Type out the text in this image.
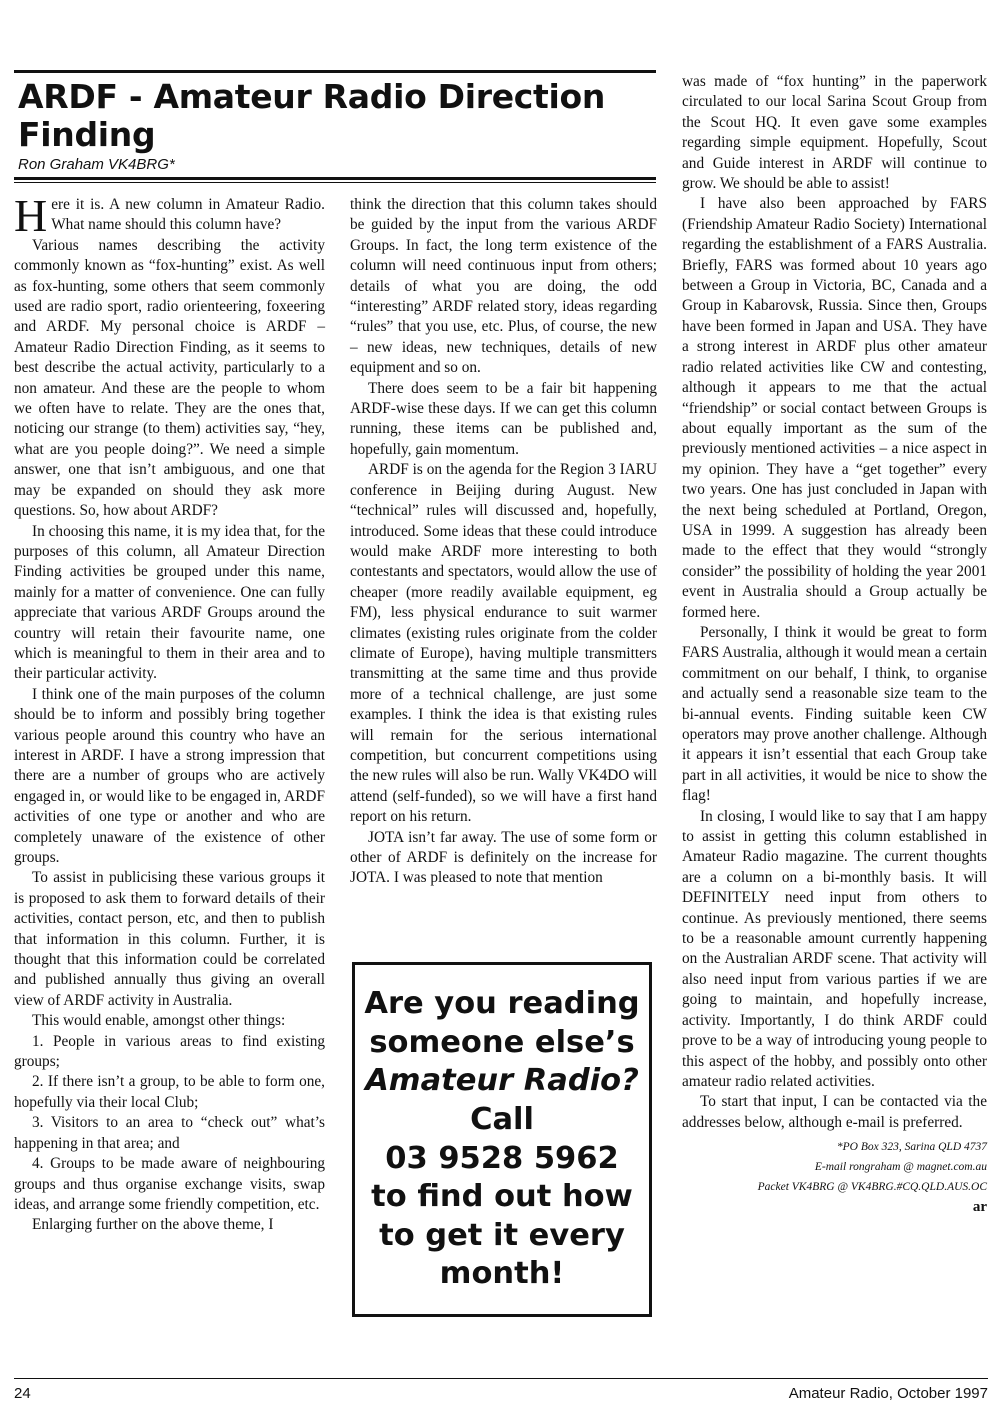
ARDF - Amateur Radio Direction Finding
Ron Graham VK4BRG*

Here it is. A new column in Amateur Radio. What name should this column have?

Various names describing the activity commonly known as “fox-hunting” exist. As well as fox-hunting, some others that seem commonly used are radio sport, radio orienteering, foxeering and ARDF. My personal choice is ARDF – Amateur Radio Direction Finding, as it seems to best describe the actual activity, particularly to a non amateur. And these are the people to whom we often have to relate. They are the ones that, noticing our strange (to them) activities say, “hey, what are you people doing?”. We need a simple answer, one that isn’t ambiguous, and one that may be expanded on should they ask more questions. So, how about ARDF?

In choosing this name, it is my idea that, for the purposes of this column, all Amateur Direction Finding activities be grouped under this name, mainly for a matter of convenience. One can fully appreciate that various ARDF Groups around the country will retain their favourite name, one which is meaningful to them in their area and to their particular activity.

I think one of the main purposes of the column should be to inform and possibly bring together various people around this country who have an interest in ARDF. I have a strong impression that there are a number of groups who are actively engaged in, or would like to be engaged in, ARDF activities of one type or another and who are completely unaware of the existence of other groups.

To assist in publicising these various groups it is proposed to ask them to forward details of their activities, contact person, etc, and then to publish that information in this column. Further, it is thought that this information could be correlated and published annually thus giving an overall view of ARDF activity in Australia.

This would enable, amongst other things:

1. People in various areas to find existing groups;

2. If there isn’t a group, to be able to form one, hopefully via their local Club;

3. Visitors to an area to “check out” what’s happening in that area; and

4. Groups to be made aware of neighbouring groups and thus organise exchange visits, swap ideas, and arrange some friendly competition, etc.

Enlarging further on the above theme, I

think the direction that this column takes should be guided by the input from the various ARDF Groups. In fact, the long term existence of the column will need continuous input from others; details of what you are doing, the odd “interesting” ARDF related story, ideas regarding “rules” that you use, etc. Plus, of course, the new – new ideas, new techniques, details of new equipment and so on.

There does seem to be a fair bit happening ARDF-wise these days. If we can get this column running, these items can be published and, hopefully, gain momentum.

ARDF is on the agenda for the Region 3 IARU conference in Beijing during August. New “technical” rules will discussed and, hopefully, introduced. Some ideas that these could introduce would make ARDF more interesting to both contestants and spectators, would allow the use of cheaper (more readily available equipment, eg FM), less physical endurance to suit warmer climates (existing rules originate from the colder climate of Europe), having multiple transmitters transmitting at the same time and thus provide more of a technical challenge, are just some examples. I think the idea is that existing rules will remain for the serious international competition, but concurrent competitions using the new rules will also be run. Wally VK4DO will attend (self-funded), so we will have a first hand report on his return.

JOTA isn’t far away. The use of some form or other of ARDF is definitely on the increase for JOTA. I was pleased to note that mention

Are you reading
someone else’s
Amateur Radio?
Call
03 9528 5962
to find out how
to get it every
month!

was made of “fox hunting” in the paperwork circulated to our local Sarina Scout Group from the Scout HQ. It even gave some examples regarding simple equipment. Hopefully, Scout and Guide interest in ARDF will continue to grow. We should be able to assist!

I have also been approached by FARS (Friendship Amateur Radio Society) International regarding the establishment of a FARS Australia. Briefly, FARS was formed about 10 years ago between a Group in Victoria, BC, Canada and a Group in Kabarovsk, Russia. Since then, Groups have been formed in Japan and USA. They have a strong interest in ARDF plus other amateur radio related activities like CW and contesting, although it appears to me that the actual “friendship” or social contact between Groups is about equally important as the sum of the previously mentioned activities – a nice aspect in my opinion. They have a “get together” every two years. One has just concluded in Japan with the next being scheduled at Portland, Oregon, USA in 1999. A suggestion has already been made to the effect that they would “strongly consider” the possibility of holding the year 2001 event in Australia should a Group actually be formed here.

Personally, I think it would be great to form FARS Australia, although it would mean a certain commitment on our behalf, I think, to organise and actually send a reasonable size team to the bi-annual events. Finding suitable keen CW operators may prove another challenge. Although it appears it isn’t essential that each Group take part in all activities, it would be nice to show the flag!

In closing, I would like to say that I am happy to assist in getting this column established in Amateur Radio magazine. The current thoughts are a column on a bi-monthly basis. It will DEFINITELY need input from others to continue. As previously mentioned, there seems to be a reasonable amount currently happening on the Australian ARDF scene. That activity will also need input from various parties if we are going to maintain, and hopefully increase, activity. Importantly, I do think ARDF could prove to be a way of introducing young people to this aspect of the hobby, and possibly onto other amateur radio related activities.

To start that input, I can be contacted via the addresses below, although e-mail is preferred.

*PO Box 323, Sarina QLD 4737

E-mail rongraham @ magnet.com.au

Packet VK4BRG @ VK4BRG.#CQ.QLD.AUS.OC

ar

24	Amateur Radio, October 1997
